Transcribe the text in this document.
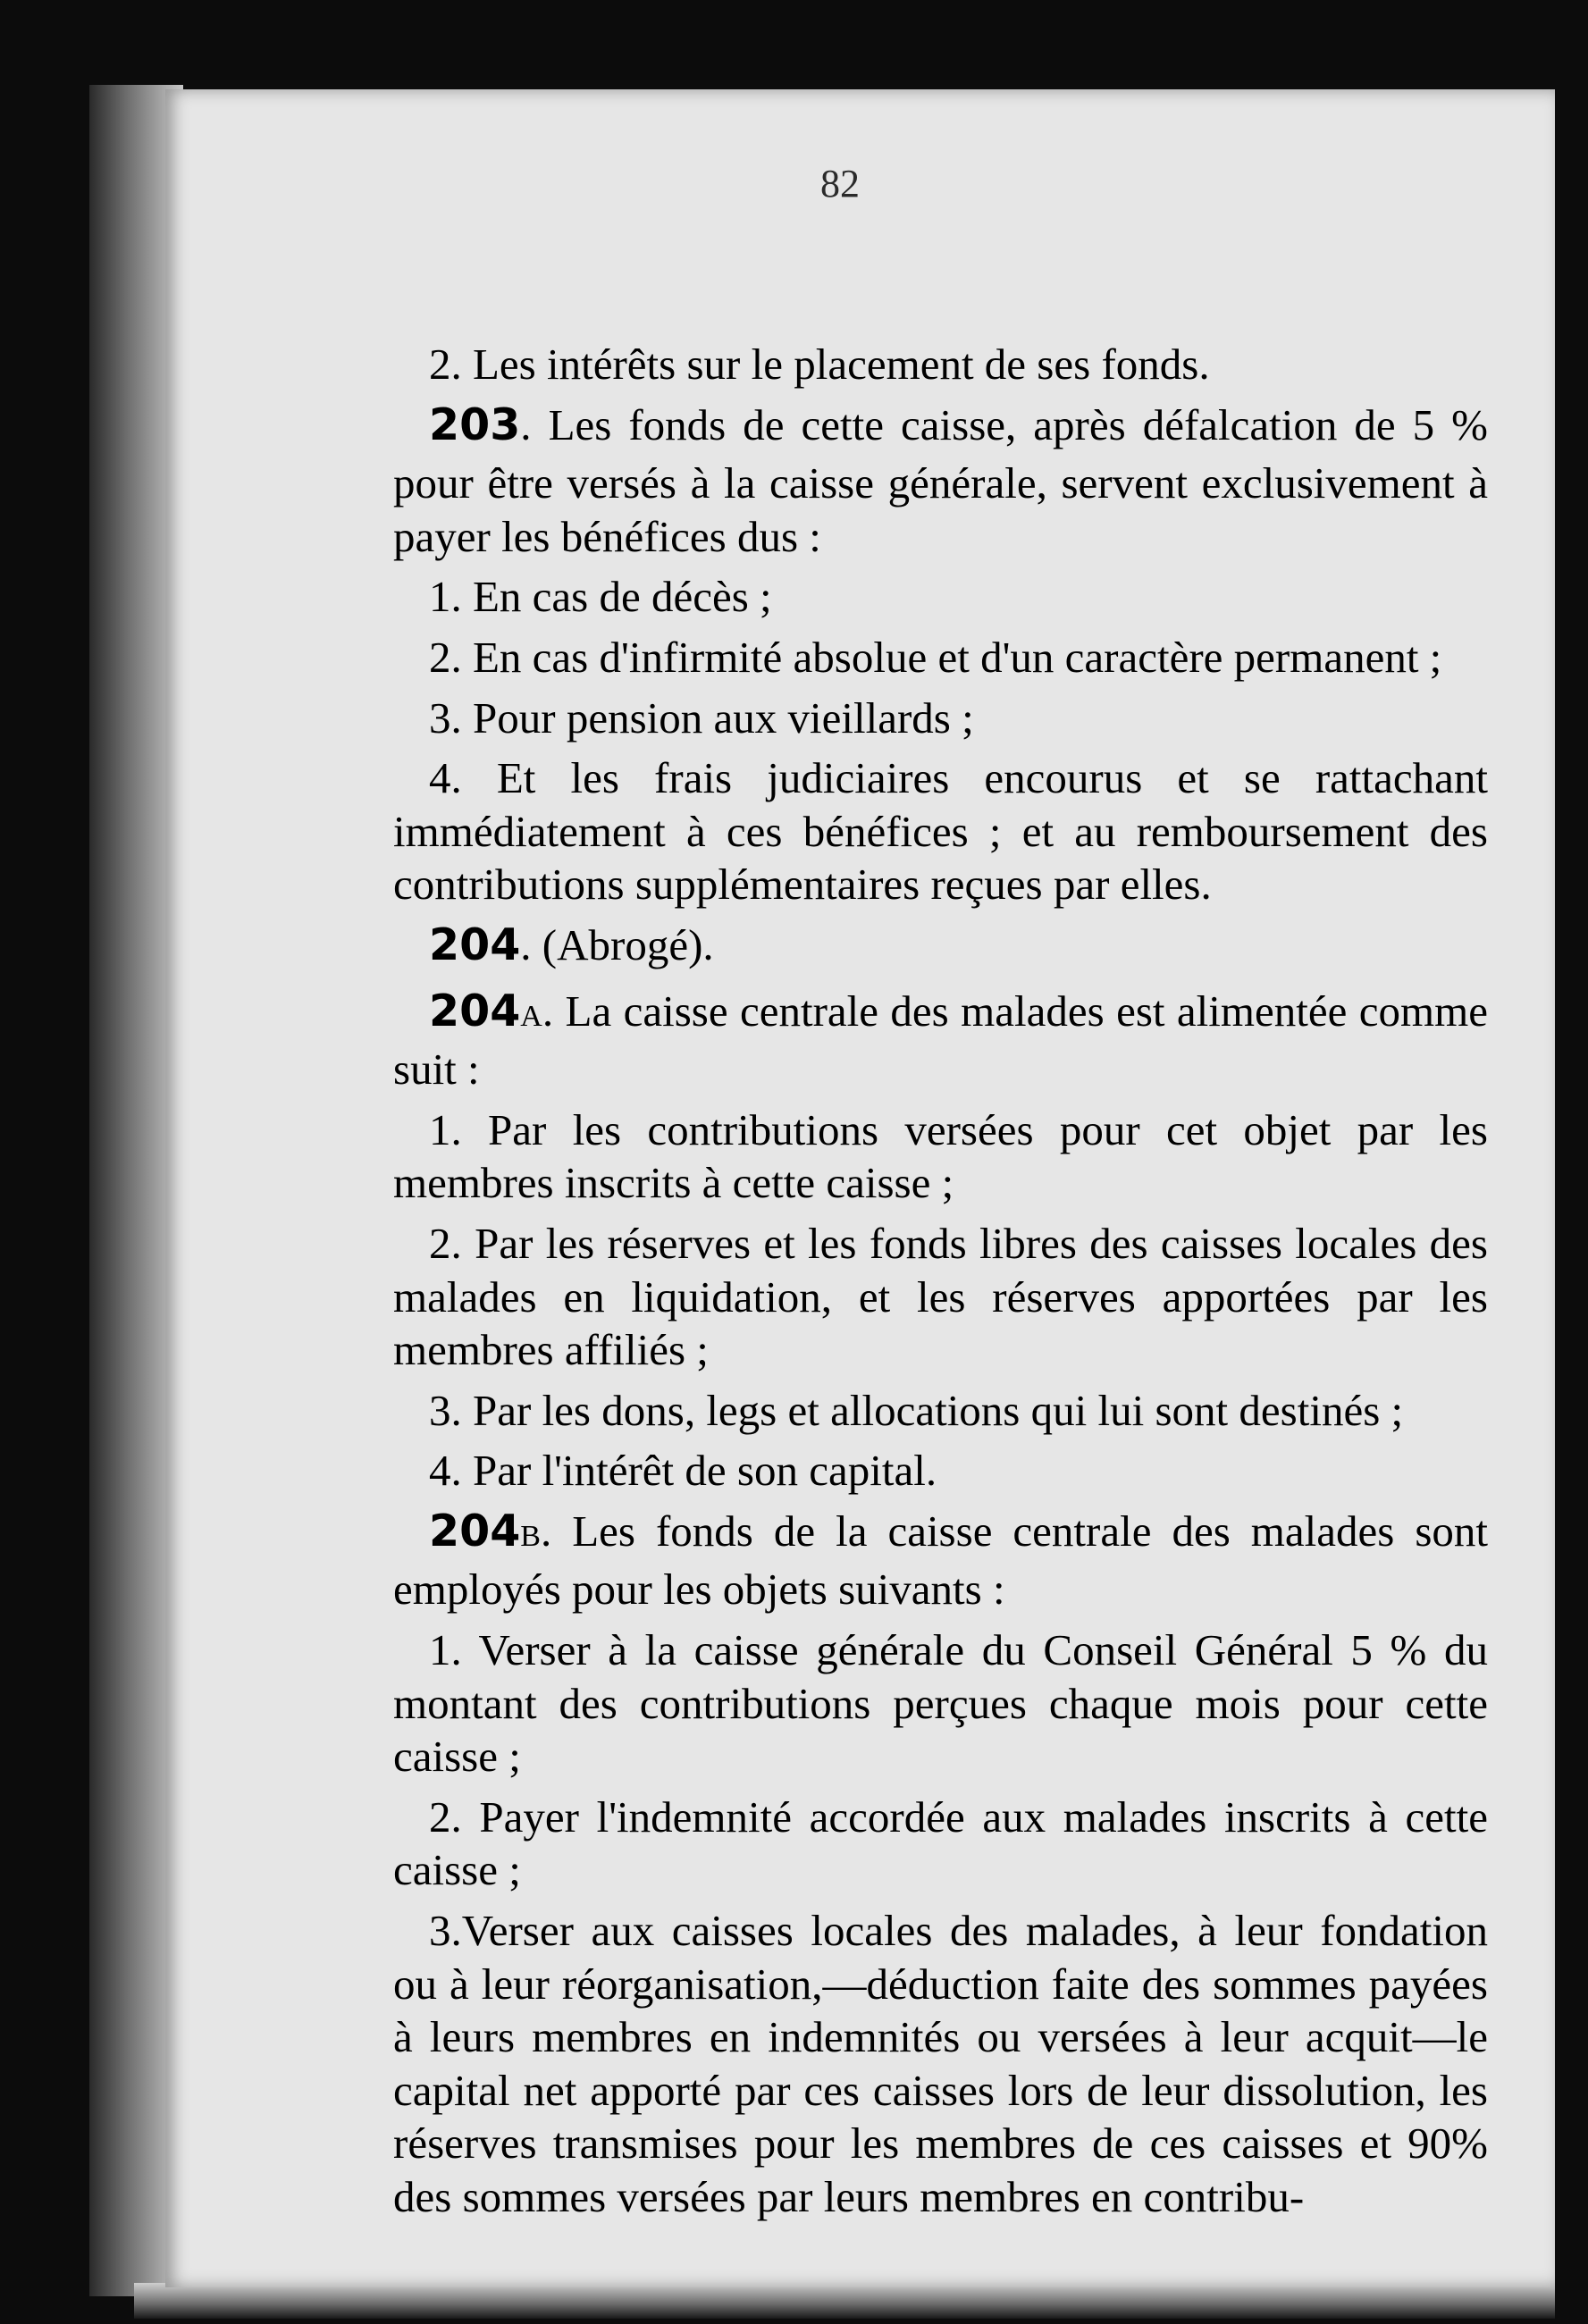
82

2. Les intérêts sur le placement de ses fonds.

203. Les fonds de cette caisse, après défalcation de 5 % pour être versés à la caisse générale, servent exclusivement à payer les bénéfices dus :

1. En cas de décès ;

2. En cas d'infirmité absolue et d'un caractère permanent ;

3. Pour pension aux vieillards ;

4. Et les frais judiciaires encourus et se rattachant immédiatement à ces bénéfices ; et au remboursement des contributions supplémentaires reçues par elles.

204. (Abrogé).

204A. La caisse centrale des malades est alimentée comme suit :

1. Par les contributions versées pour cet objet par les membres inscrits à cette caisse ;

2. Par les réserves et les fonds libres des caisses locales des malades en liquidation, et les réserves apportées par les membres affiliés ;

3. Par les dons, legs et allocations qui lui sont destinés ;

4. Par l'intérêt de son capital.

204B. Les fonds de la caisse centrale des malades sont employés pour les objets suivants :

1. Verser à la caisse générale du Conseil Général 5 % du montant des contributions perçues chaque mois pour cette caisse ;

2. Payer l'indemnité accordée aux malades inscrits à cette caisse ;

3.Verser aux caisses locales des malades, à leur fondation ou à leur réorganisation,—déduction faite des sommes payées à leurs membres en indemnités ou versées à leur acquit—le capital net apporté par ces caisses lors de leur dissolution, les réserves transmises pour les membres de ces caisses et 90% des sommes versées par leurs membres en contribu-
